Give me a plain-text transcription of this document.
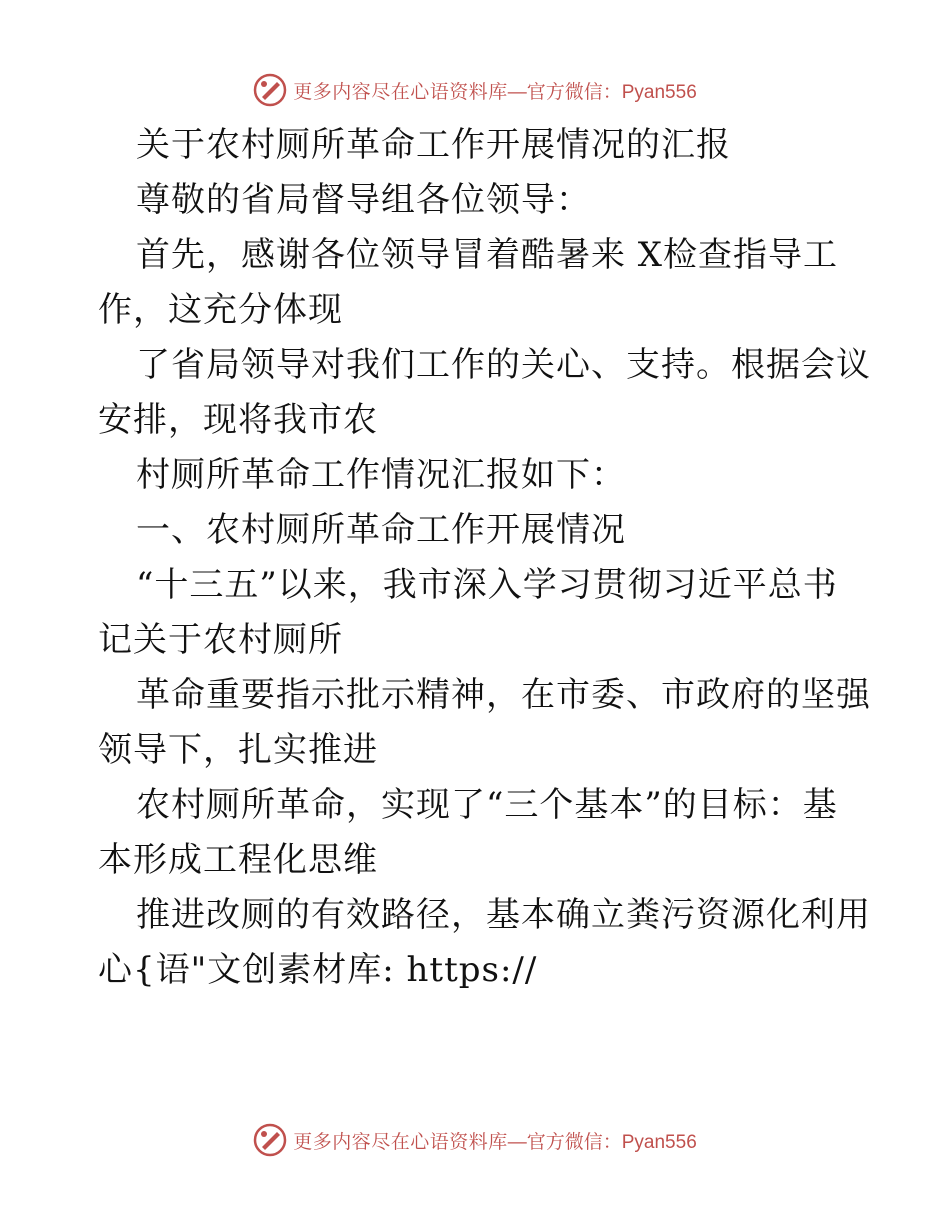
更多内容尽在心语资料库 —官方微信：Pyan556

关于农村厕所革命工作开展情况的汇报

尊敬的省局督导组各位领导：

首先，感谢各位领导冒着酷暑来 X检查指导工

作，这充分体现

了省局领导对我们工作的关心、支持。根据会议

安排，现将我市农

村厕所革命工作情况汇报如下：

一、农村厕所革命工作开展情况

“十三五”以来，我市深入学习贯彻习近平总书

记关于农村厕所

革命重要指示批示精神，在市委、市政府的坚强

领导下，扎实推进

农村厕所革命，实现了“三个基本”的目标：基

本形成工程化思维

推进改厕的有效路径，基本确立粪污资源化利用

心{语"文创素材库: https://

更多内容尽在心语资料库 —官方微信：Pyan556
